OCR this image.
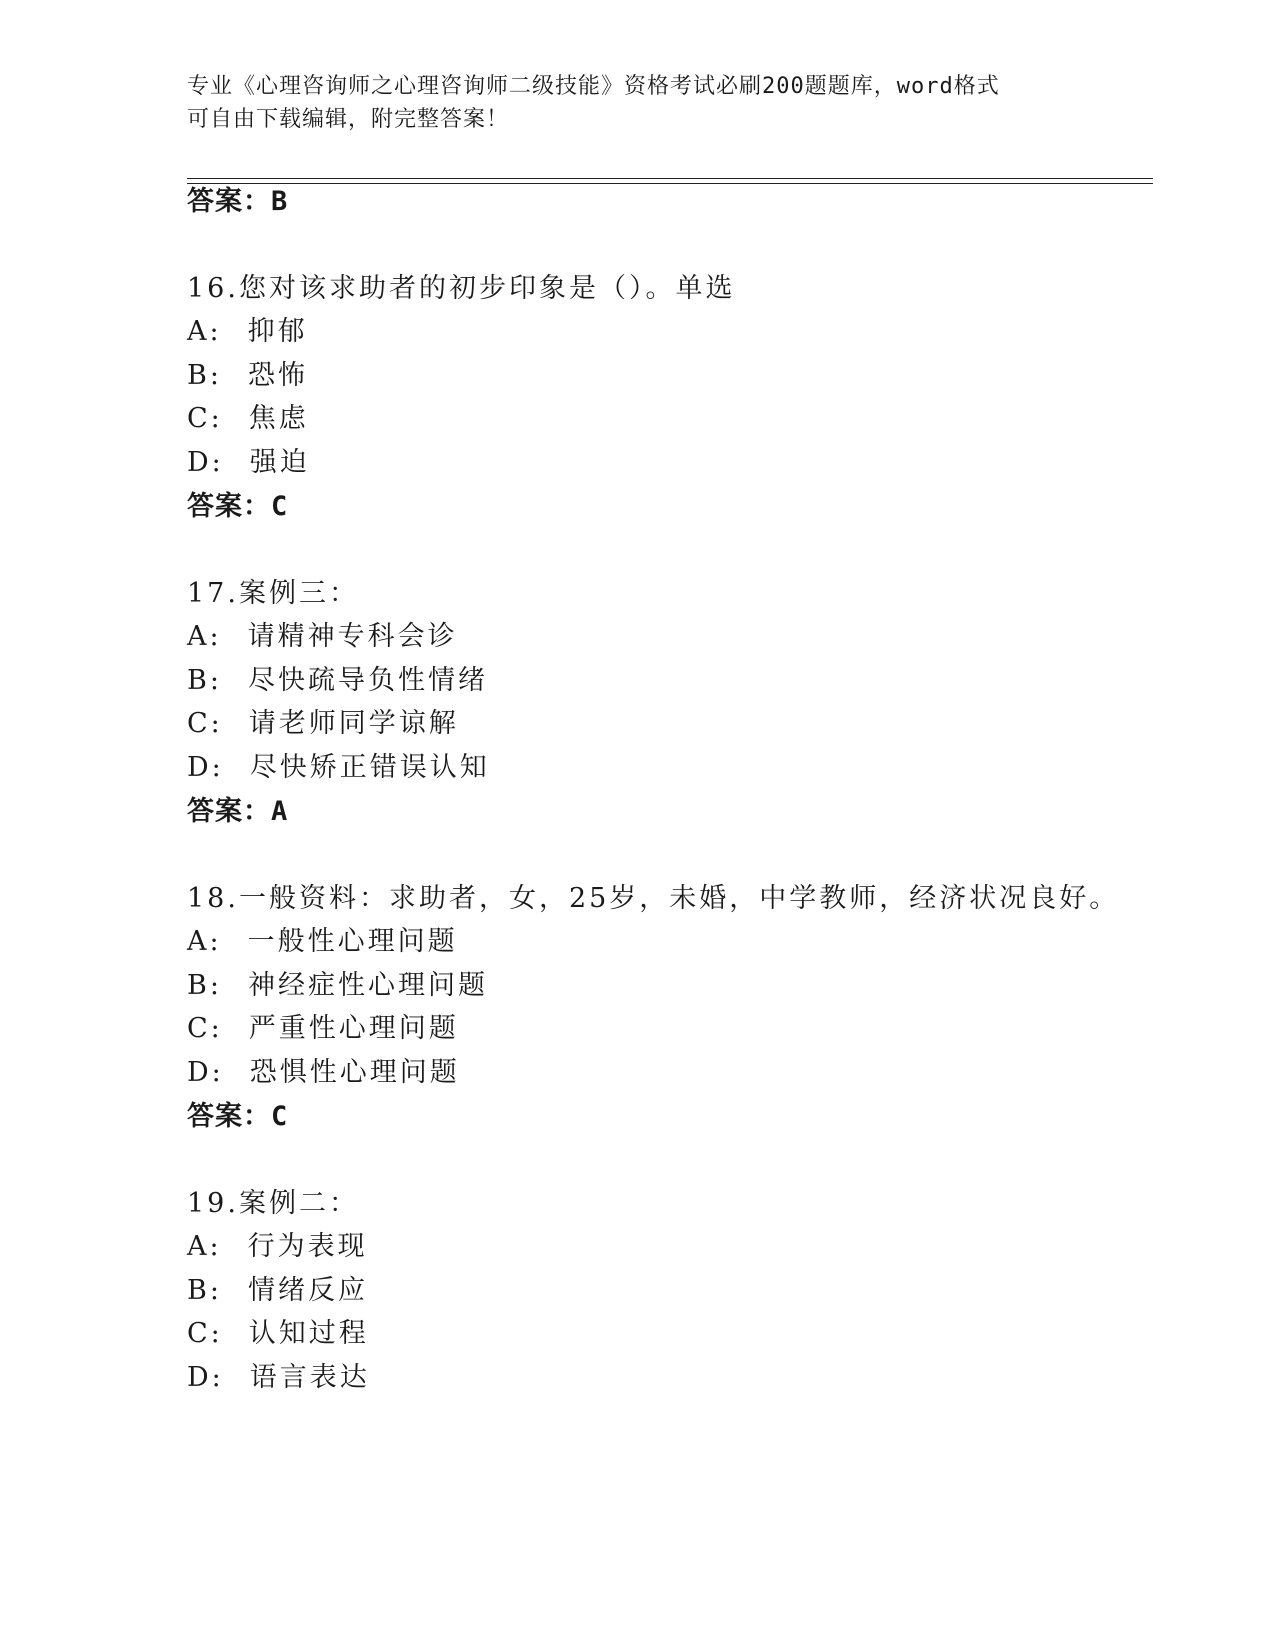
专业《心理咨询师之心理咨询师二级技能》资格考试必刷200题题库，word格式
可自由下载编辑，附完整答案！
答案：B
16.您对该求助者的初步印象是（）。单选
A: 抑郁
B: 恐怖
C: 焦虑
D: 强迫
答案：C
17.案例三：
A: 请精神专科会诊
B: 尽快疏导负性情绪
C: 请老师同学谅解
D: 尽快矫正错误认知
答案：A
18.一般资料：求助者，女，25岁，未婚，中学教师，经济状况良好。
A: 一般性心理问题
B: 神经症性心理问题
C: 严重性心理问题
D: 恐惧性心理问题
答案：C
19.案例二：
A: 行为表现
B: 情绪反应
C: 认知过程
D: 语言表达
